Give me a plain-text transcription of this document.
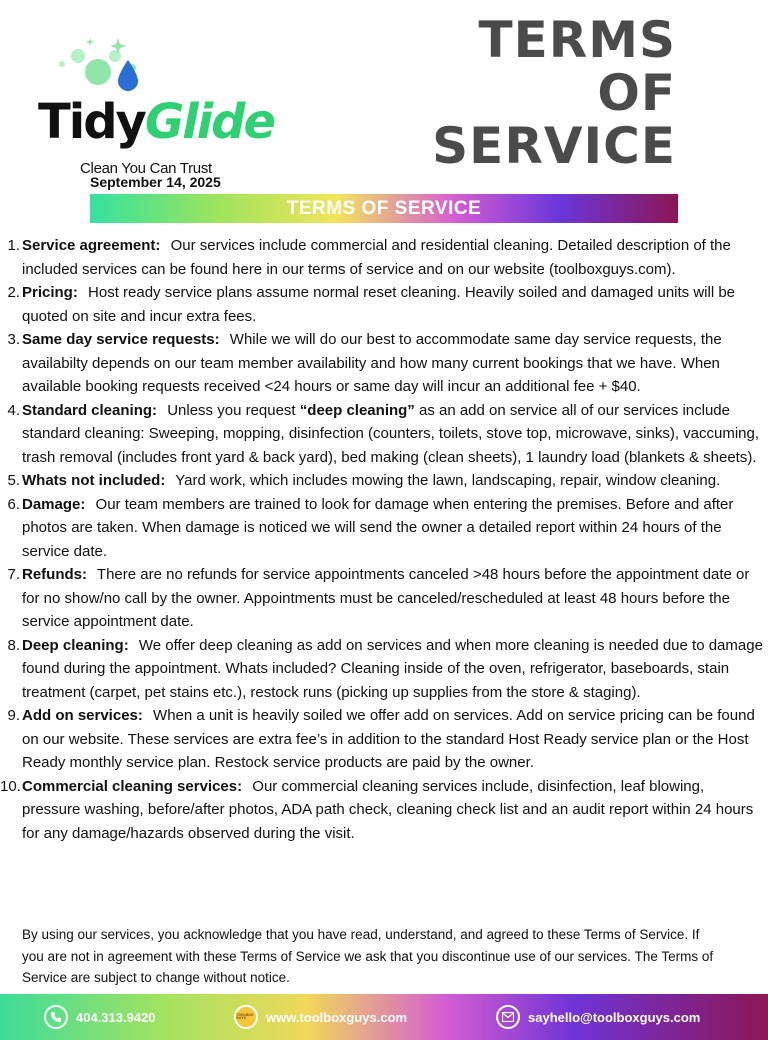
TidyGlide
Clean You Can Trust
TERMS
OF
SERVICE
September 14, 2025
TERMS OF SERVICE
1. Service agreement: Our services include commercial and residential cleaning. Detailed description of the included services can be found here in our terms of service and on our website (toolboxguys.com).
2. Pricing: Host ready service plans assume normal reset cleaning. Heavily soiled and damaged units will be quoted on site and incur extra fees.
3. Same day service requests: While we will do our best to accommodate same day service requests, the availabilty depends on our team member availability and how many current bookings that we have. When available booking requests received <24 hours or same day will incur an additional fee + $40.
4. Standard cleaning: Unless you request “deep cleaning” as an add on service all of our services include standard cleaning: Sweeping, mopping, disinfection (counters, toilets, stove top, microwave, sinks), vaccuming, trash removal (includes front yard & back yard), bed making (clean sheets), 1 laundry load (blankets & sheets).
5. Whats not included: Yard work, which includes mowing the lawn, landscaping, repair, window cleaning.
6. Damage: Our team members are trained to look for damage when entering the premises. Before and after photos are taken. When damage is noticed we will send the owner a detailed report within 24 hours of the service date.
7. Refunds: There are no refunds for service appointments canceled >48 hours before the appointment date or for no show/no call by the owner. Appointments must be canceled/rescheduled at least 48 hours before the service appointment date.
8. Deep cleaning: We offer deep cleaning as add on services and when more cleaning is needed due to damage found during the appointment. Whats included? Cleaning inside of the oven, refrigerator, baseboards, stain treatment (carpet, pet stains etc.), restock runs (picking up supplies from the store & staging).
9. Add on services: When a unit is heavily soiled we offer add on services. Add on service pricing can be found on our website. These services are extra fee’s in addition to the standard Host Ready service plan or the Host Ready monthly service plan. Restock service products are paid by the owner.
10. Commercial cleaning services: Our commercial cleaning services include, disinfection, leaf blowing, pressure washing, before/after photos, ADA path check, cleaning check list and an audit report within 24 hours for any damage/hazards observed during the visit.
By using our services, you acknowledge that you have read, understand, and agreed to these Terms of Service. If you are not in agreement with these Terms of Service we ask that you discontinue use of our services. The Terms of Service are subject to change without notice.
404.313.9420	TOOLBOX GUYS	www.toolboxguys.com	sayhello@toolboxguys.com
